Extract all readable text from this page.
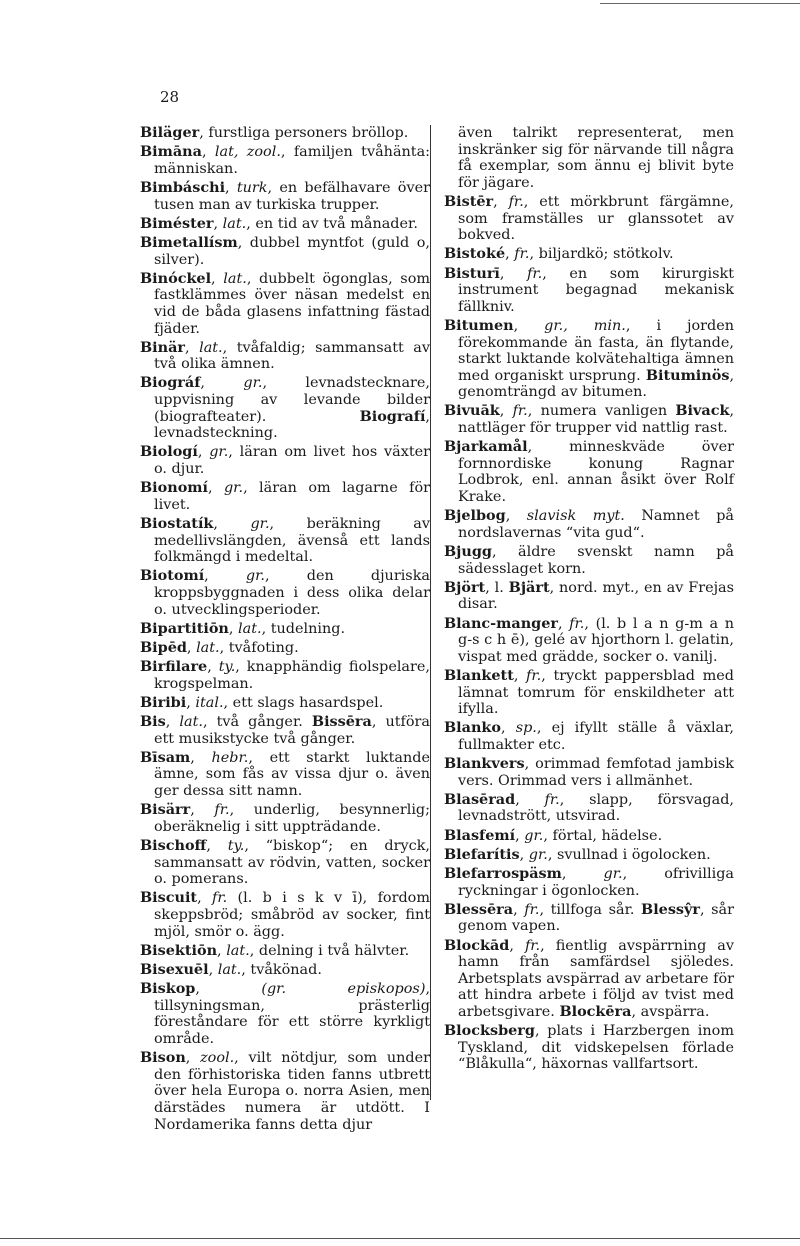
28

Biläger, furstliga personers bröllop.

Bimāna, lat, zool., familjen tvåhänta: människan.

Bimbáschi, turk, en befälhavare över tusen man av turkiska trupper.

Biméster, lat., en tid av två månader.

Bimetallísm, dubbel myntfot (guld o, silver).

Binóckel, lat., dubbelt ögonglas, som fastklämmes över näsan medelst en vid de båda glasens infattning fästad fjäder.

Binär, lat., tvåfaldig; sammansatt av två olika ämnen.

Biográf, gr., levnadstecknare, uppvisning av levande bilder (biografteater).	Biografí, levnadsteckning.

Biologí, gr., läran om livet hos växter o. djur.

Bionomí, gr., läran om lagarne för livet.

Biostatík, gr., beräkning av medellivslängden, ävenså ett lands folkmängd i medeltal.

Biotomí, gr., den djuriska kroppsbyggnaden i dess olika delar o. utvecklingsperioder.

Bipartitiōn, lat., tudelning.

Bipēd, lat., tvåfoting.

Birfilare, ty., knapphändig fiolspelare, krogspelman.

Biribi, ital., ett slags hasardspel.

Bis, lat., två gånger. Bissēra, utföra ett musikstycke två gånger.

Bīsam, hebr., ett starkt luktande ämne, som fås av vissa djur o. även ger dessa sitt namn.

Bisärr, fr., underlig, besynnerlig; oberäknelig i sitt uppträdande.

Bischoff, ty., “biskop“; en dryck, sammansatt av rödvin, vatten, socker o. pomerans.

Biscuit, fr. (l. b i s k v ī), fordom skeppsbröd; småbröd av socker, fint mjöl, smör o. ägg.

Bisektiōn, lat., delning i två hälvter.

Bisexuēl, lat., tvåkönad.

Biskop, (gr. episkopos), tillsyningsman, prästerlig föreståndare för ett större kyrkligt område.

Bison, zool., vilt nötdjur, som under den förhistoriska tiden fanns utbrett över hela Europa o. norra Asien, men därstädes numera är utdött. I Nordamerika fanns detta djur

även talrikt representerat, men inskränker sig för närvande till några få exemplar, som ännu ej blivit byte för jägare.

Bistēr, fr., ett mörkbrunt färgämne, som framställes ur glanssotet av bokved.

Bistoké, fr., biljardkö; stötkolv.

Bisturī, fr., en som kirurgiskt instrument begagnad mekanisk fällkniv.

Bitumen, gr., min., i jorden förekommande än fasta, än flytande, starkt luktande kolvätehaltiga ämnen med organiskt ursprung. Bituminös, genomträngd av bitumen.

Bivuāk, fr., numera vanligen Bivack, nattläger för trupper vid nattlig rast.

Bjarkamål, minneskväde över fornnordiske konung Ragnar Lodbrok, enl. annan åsikt över Rolf Krake.

Bjelbog, slavisk myt. Namnet på nordslavernas “vita gud“.

Bjugg, äldre svenskt namn på sädesslaget korn.

Björt, l. Bjärt, nord. myt., en av Frejas disar.

Blanc-manger, fr., (l. b l a n g-m a n g-s c h ē), gelé av hjorthorn l. gelatin, vispat med grädde, socker o. vanilj.

Blankett, fr., tryckt pappersblad med lämnat tomrum för enskildheter att ifylla.

Blanko, sp., ej ifyllt ställe å växlar, fullmakter etc.

Blankvers, orimmad femfotad jambisk vers. Orimmad vers i allmänhet.

Blasērad, fr., slapp, försvagad, levnadstrött, utsvirad.

Blasfemí, gr., förtal, hädelse.

Blefarítis, gr., svullnad i ögolocken.

Blefarrospäsm, gr., ofrivilliga ryckningar i ögonlocken.

Blessēra, fr., tillfoga sår. Blessŷr, sår genom vapen.

Blockād, fr., fientlig avspärrning av hamn från samfärdsel sjöledes. Arbetsplats avspärrad av arbetare för att hindra arbete i följd av tvist med arbetsgivare. Blockēra, avspärra.

Blocksberg, plats i Harzbergen inom Tyskland, dit vidskepelsen förlade “Blåkulla“, häxornas vallfartsort.
